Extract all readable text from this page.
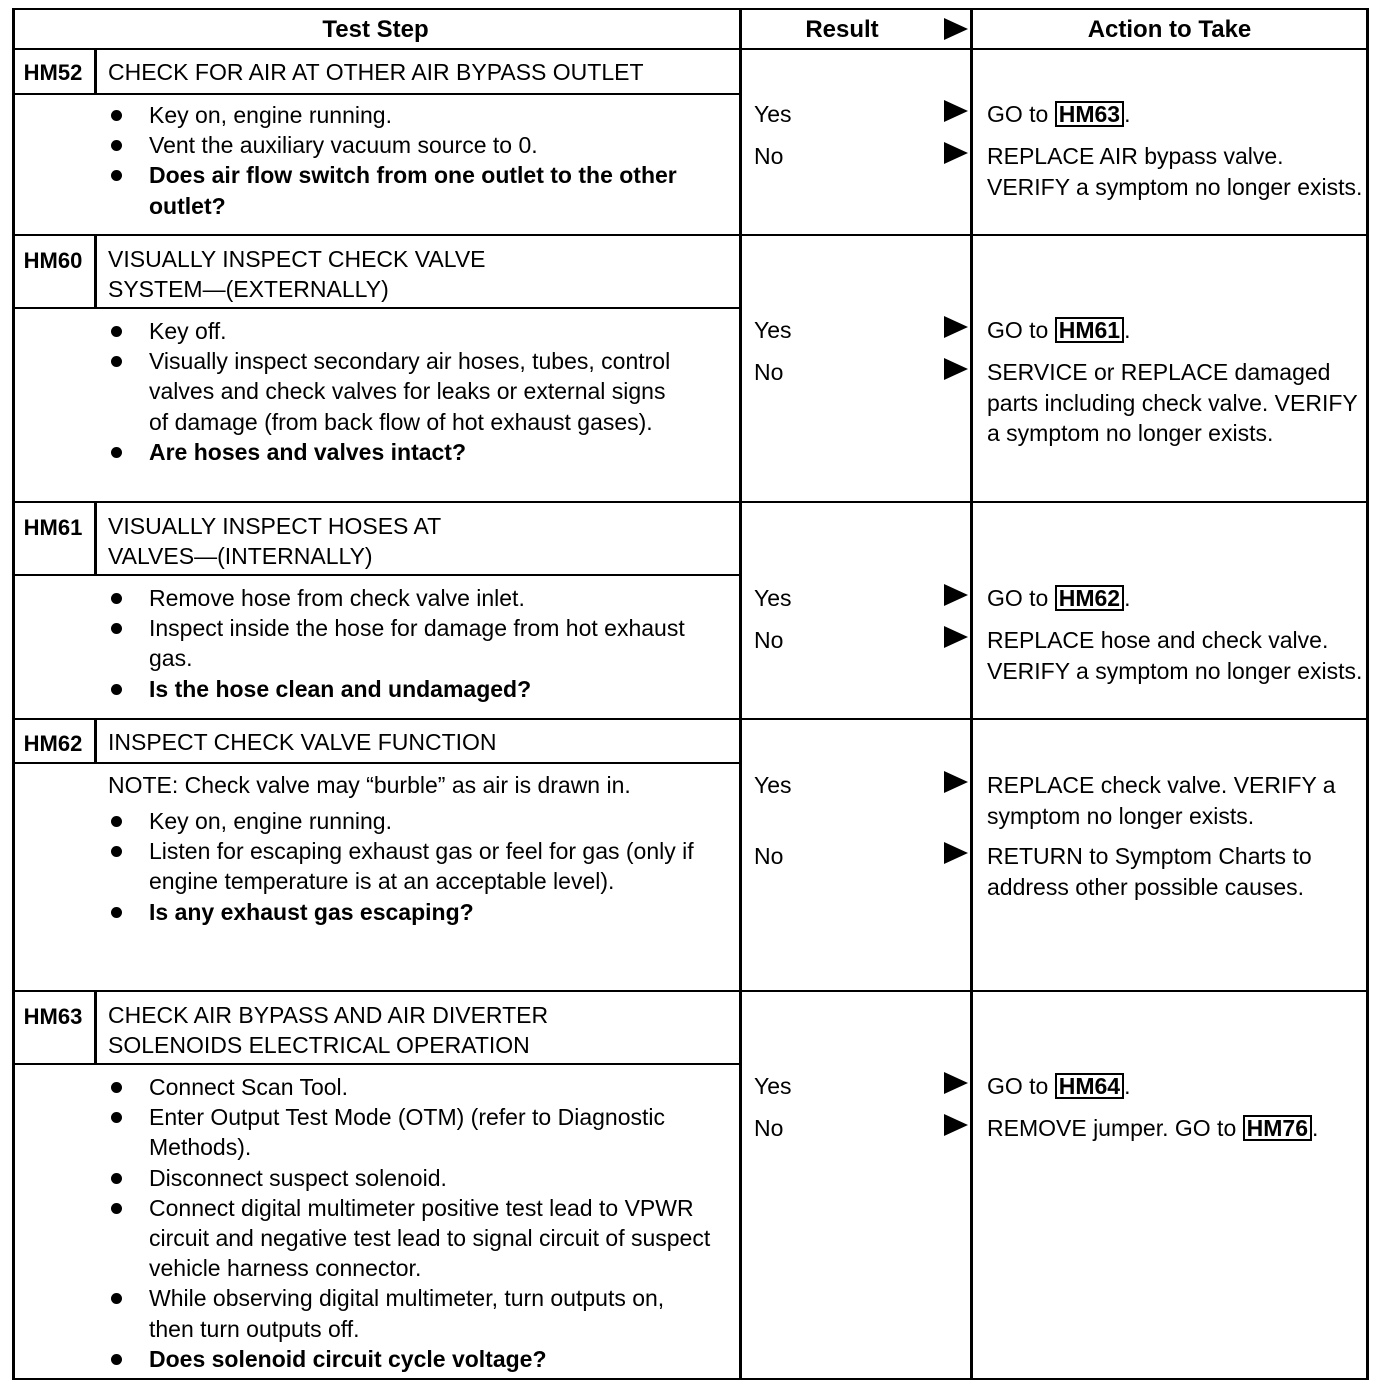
Test Step	Result	Action to Take
HM52	CHECK FOR AIR AT OTHER AIR BYPASS OUTLET
Key on, engine running.
Vent the auxiliary vacuum source to 0.
Does air flow switch from one outlet to the other outlet?
Yes	GO to HM63 .
No	REPLACE AIR bypass valve. VERIFY a symptom no longer exists.
HM60	VISUALLY INSPECT CHECK VALVE SYSTEM—(EXTERNALLY)
Key off.
Visually inspect secondary air hoses, tubes, control valves and check valves for leaks or external signs of damage (from back flow of hot exhaust gases).
Are hoses and valves intact?
Yes	GO to HM61 .
No	SERVICE or REPLACE damaged parts including check valve. VERIFY a symptom no longer exists.
HM61	VISUALLY INSPECT HOSES AT VALVES—(INTERNALLY)
Remove hose from check valve inlet.
Inspect inside the hose for damage from hot exhaust gas.
Is the hose clean and undamaged?
Yes	GO to HM62 .
No	REPLACE hose and check valve. VERIFY a symptom no longer exists.
HM62	INSPECT CHECK VALVE FUNCTION
NOTE: Check valve may “burble” as air is drawn in.
Key on, engine running.
Listen for escaping exhaust gas or feel for gas (only if engine temperature is at an acceptable level).
Is any exhaust gas escaping?
Yes	REPLACE check valve. VERIFY a symptom no longer exists.
No	RETURN to Symptom Charts to address other possible causes.
HM63	CHECK AIR BYPASS AND AIR DIVERTER SOLENOIDS ELECTRICAL OPERATION
Connect Scan Tool.
Enter Output Test Mode (OTM) (refer to Diagnostic Methods).
Disconnect suspect solenoid.
Connect digital multimeter positive test lead to VPWR circuit and negative test lead to signal circuit of suspect vehicle harness connector.
While observing digital multimeter, turn outputs on, then turn outputs off.
Does solenoid circuit cycle voltage?
Yes	GO to HM64 .
No	REMOVE jumper. GO to HM76 .
